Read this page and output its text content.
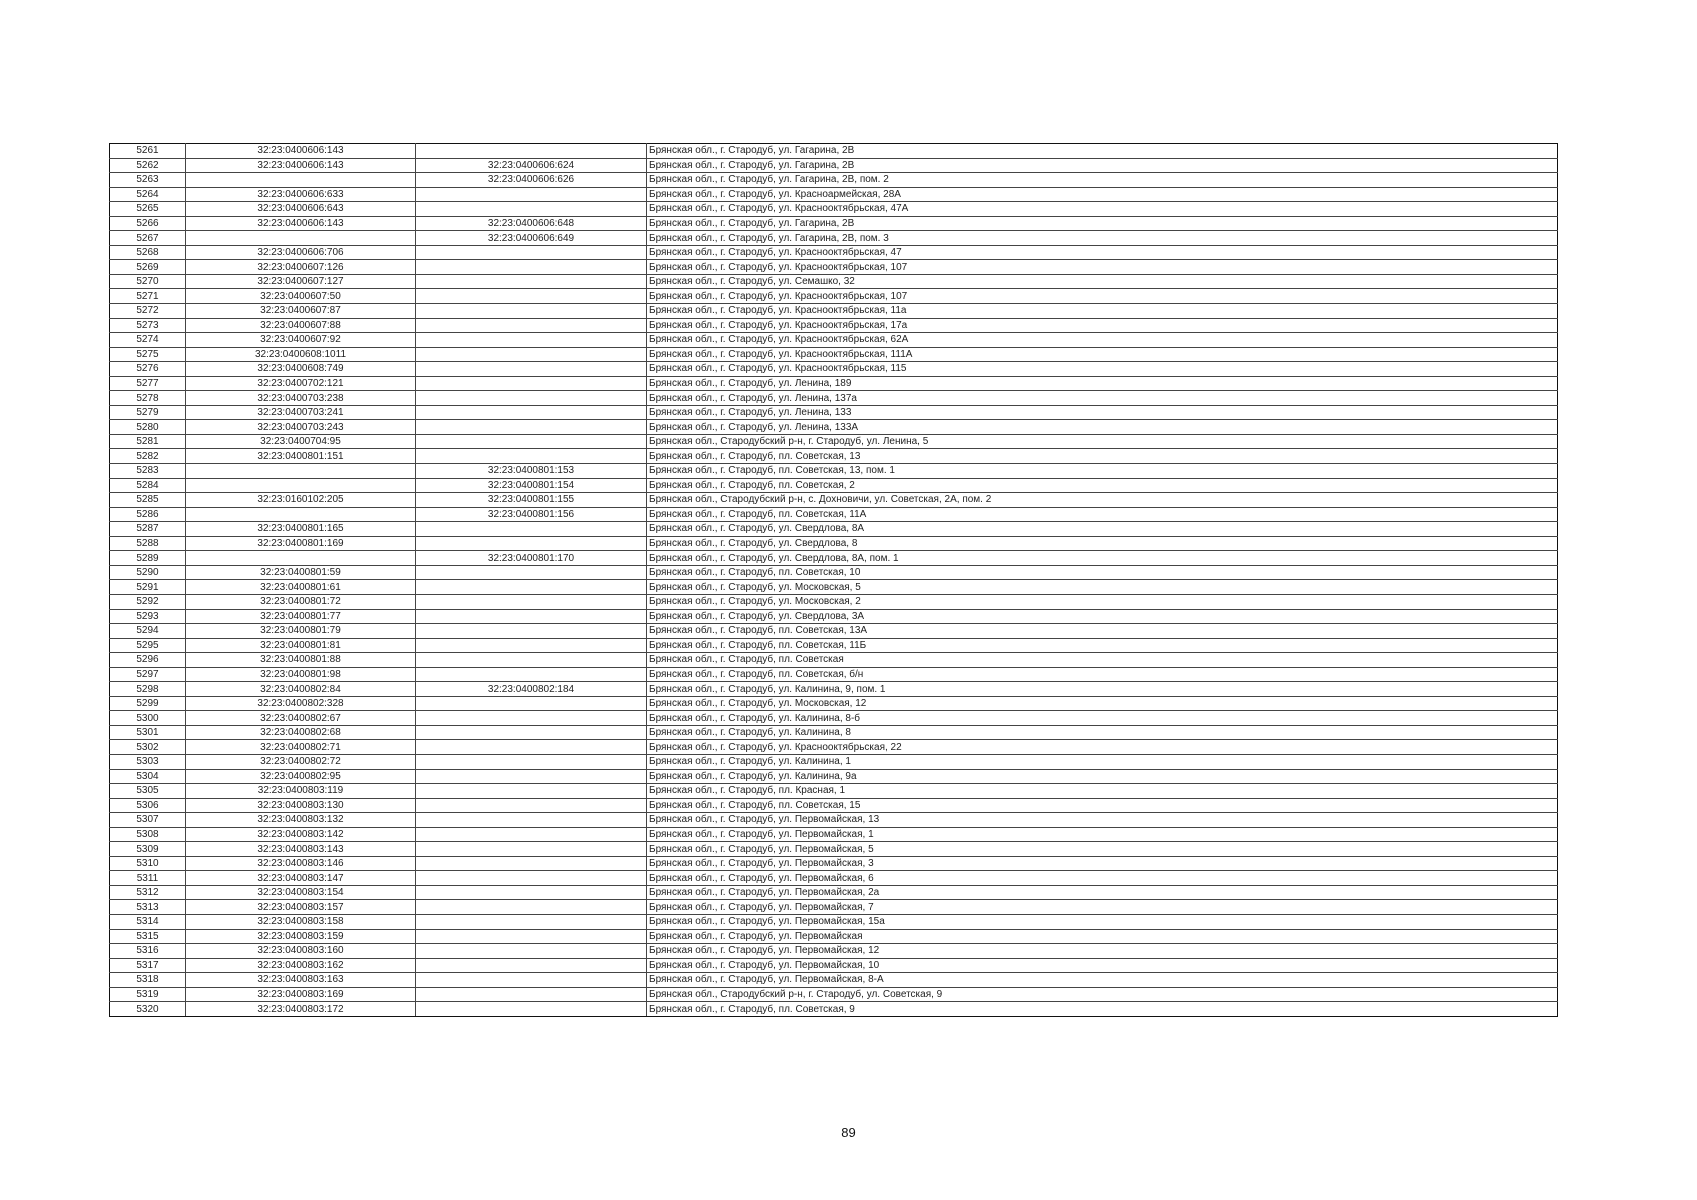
5261	32:23:0400606:143		Брянская обл., г. Стародуб, ул. Гагарина, 2В
5262	32:23:0400606:143	32:23:0400606:624	Брянская обл., г. Стародуб, ул. Гагарина, 2В
5263		32:23:0400606:626	Брянская обл., г. Стародуб, ул. Гагарина, 2В, пом. 2
5264	32:23:0400606:633		Брянская обл., г. Стародуб, ул. Красноармейская, 28А
5265	32:23:0400606:643		Брянская обл., г. Стародуб, ул. Краснооктябрьская, 47А
5266	32:23:0400606:143	32:23:0400606:648	Брянская обл., г. Стародуб, ул. Гагарина, 2В
5267		32:23:0400606:649	Брянская обл., г. Стародуб, ул. Гагарина, 2В, пом. 3
5268	32:23:0400606:706		Брянская обл., г. Стародуб, ул. Краснооктябрьская, 47
5269	32:23:0400607:126		Брянская обл., г. Стародуб, ул. Краснооктябрьская, 107
5270	32:23:0400607:127		Брянская обл., г. Стародуб, ул. Семашко, 32
5271	32:23:0400607:50		Брянская обл., г. Стародуб, ул. Краснооктябрьская, 107
5272	32:23:0400607:87		Брянская обл., г. Стародуб, ул. Краснооктябрьская, 11а
5273	32:23:0400607:88		Брянская обл., г. Стародуб, ул. Краснооктябрьская, 17а
5274	32:23:0400607:92		Брянская обл., г. Стародуб, ул. Краснооктябрьская, 62А
5275	32:23:0400608:1011		Брянская обл., г. Стародуб, ул. Краснооктябрьская, 111А
5276	32:23:0400608:749		Брянская обл., г. Стародуб, ул. Краснооктябрьская, 115
5277	32:23:0400702:121		Брянская обл., г. Стародуб, ул. Ленина, 189
5278	32:23:0400703:238		Брянская обл., г. Стародуб, ул. Ленина, 137а
5279	32:23:0400703:241		Брянская обл., г. Стародуб, ул. Ленина, 133
5280	32:23:0400703:243		Брянская обл., г. Стародуб, ул. Ленина, 133А
5281	32:23:0400704:95		Брянская обл., Стародубский р-н, г. Стародуб, ул. Ленина, 5
5282	32:23:0400801:151		Брянская обл., г. Стародуб, пл. Советская, 13
5283		32:23:0400801:153	Брянская обл., г. Стародуб, пл. Советская, 13, пом. 1
5284		32:23:0400801:154	Брянская обл., г. Стародуб, пл. Советская, 2
5285	32:23:0160102:205	32:23:0400801:155	Брянская обл., Стародубский р-н, с. Дохновичи, ул. Советская, 2А, пом. 2
5286		32:23:0400801:156	Брянская обл., г. Стародуб, пл. Советская, 11А
5287	32:23:0400801:165		Брянская обл., г. Стародуб, ул. Свердлова, 8А
5288	32:23:0400801:169		Брянская обл., г. Стародуб, ул. Свердлова, 8
5289		32:23:0400801:170	Брянская обл., г. Стародуб, ул. Свердлова, 8А, пом. 1
5290	32:23:0400801:59		Брянская обл., г. Стародуб, пл. Советская, 10
5291	32:23:0400801:61		Брянская обл., г. Стародуб, ул. Московская, 5
5292	32:23:0400801:72		Брянская обл., г. Стародуб, ул. Московская, 2
5293	32:23:0400801:77		Брянская обл., г. Стародуб, ул. Свердлова, 3А
5294	32:23:0400801:79		Брянская обл., г. Стародуб, пл. Советская, 13А
5295	32:23:0400801:81		Брянская обл., г. Стародуб, пл. Советская, 11Б
5296	32:23:0400801:88		Брянская обл., г. Стародуб, пл. Советская
5297	32:23:0400801:98		Брянская обл., г. Стародуб, пл. Советская, б/н
5298	32:23:0400802:84	32:23:0400802:184	Брянская обл., г. Стародуб, ул. Калинина, 9, пом. 1
5299	32:23:0400802:328		Брянская обл., г. Стародуб, ул. Московская, 12
5300	32:23:0400802:67		Брянская обл., г. Стародуб, ул. Калинина, 8-б
5301	32:23:0400802:68		Брянская обл., г. Стародуб, ул. Калинина, 8
5302	32:23:0400802:71		Брянская обл., г. Стародуб, ул. Краснооктябрьская, 22
5303	32:23:0400802:72		Брянская обл., г. Стародуб, ул. Калинина, 1
5304	32:23:0400802:95		Брянская обл., г. Стародуб, ул. Калинина, 9а
5305	32:23:0400803:119		Брянская обл., г. Стародуб, пл. Красная, 1
5306	32:23:0400803:130		Брянская обл., г. Стародуб, пл. Советская, 15
5307	32:23:0400803:132		Брянская обл., г. Стародуб, ул. Первомайская, 13
5308	32:23:0400803:142		Брянская обл., г. Стародуб, ул. Первомайская, 1
5309	32:23:0400803:143		Брянская обл., г. Стародуб, ул. Первомайская, 5
5310	32:23:0400803:146		Брянская обл., г. Стародуб, ул. Первомайская, 3
5311	32:23:0400803:147		Брянская обл., г. Стародуб, ул. Первомайская, 6
5312	32:23:0400803:154		Брянская обл., г. Стародуб, ул. Первомайская, 2а
5313	32:23:0400803:157		Брянская обл., г. Стародуб, ул. Первомайская, 7
5314	32:23:0400803:158		Брянская обл., г. Стародуб, ул. Первомайская, 15а
5315	32:23:0400803:159		Брянская обл., г. Стародуб, ул. Первомайская
5316	32:23:0400803:160		Брянская обл., г. Стародуб, ул. Первомайская, 12
5317	32:23:0400803:162		Брянская обл., г. Стародуб, ул. Первомайская, 10
5318	32:23:0400803:163		Брянская обл., г. Стародуб, ул. Первомайская, 8-А
5319	32:23:0400803:169		Брянская обл., Стародубский р-н, г. Стародуб, ул. Советская, 9
5320	32:23:0400803:172		Брянская обл., г. Стародуб, пл. Советская, 9
89
